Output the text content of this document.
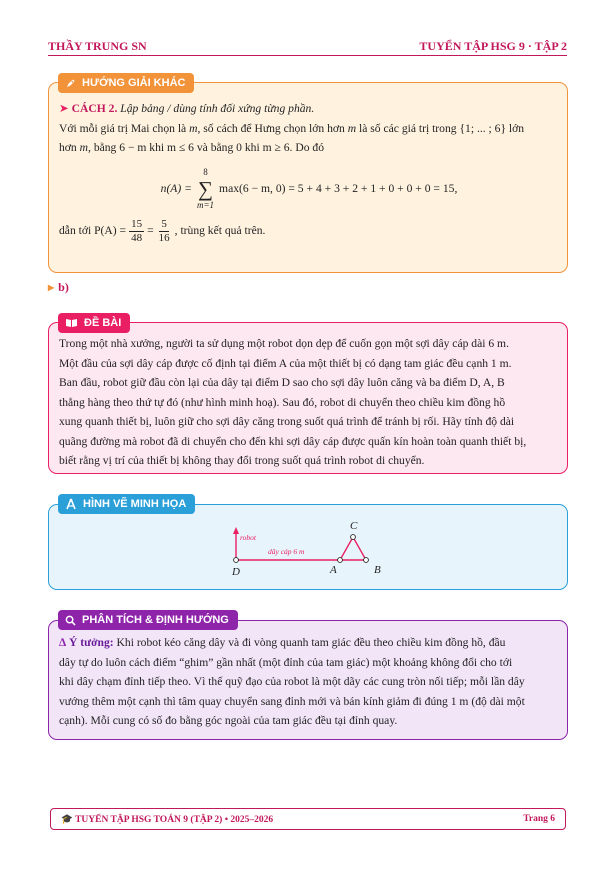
THẦY TRUNG SN	TUYỂN TẬP HSG 9 · TẬP 2
➤ CÁCH 2. Lập bảng / dùng tính đối xứng từng phần.
Với mỗi giá trị Mai chọn là m, số cách để Hưng chọn lớn hơn m là số các giá trị trong {1; ... ; 6} lớn
hơn m, bằng 6 − m khi m ≤ 6 và bằng 0 khi m ≥ 6. Do đó
n(A) =
8
∑
m=1
max(6 − m, 0) = 5 + 4 + 3 + 2 + 1 + 0 + 0 + 0 = 15,
dẫn tới $P(A) = \frac{15}{48} = \frac{5}{16}$ , trùng kết quả trên.
HƯỚNG GIẢI KHÁC
▶ b)
Trong một nhà xưởng, người ta sử dụng một robot dọn dẹp để cuốn gọn một sợi dây cáp dài 6 m.
Một đầu của sợi dây cáp được cố định tại điểm A của một thiết bị có dạng tam giác đều cạnh 1 m.
Ban đầu, robot giữ đầu còn lại của dây tại điểm D sao cho sợi dây luôn căng và ba điểm D, A, B
thẳng hàng theo thứ tự đó (như hình minh hoạ). Sau đó, robot di chuyển theo chiều kim đồng hồ
xung quanh thiết bị, luôn giữ cho sợi dây căng trong suốt quá trình để tránh bị rối. Hãy tính độ dài
quãng đường mà robot đã di chuyển cho đến khi sợi dây cáp được quấn kín hoàn toàn quanh thiết bị,
biết rằng vị trí của thiết bị không thay đổi trong suốt quá trình robot di chuyển.
ĐỀ BÀI
robot
dây cáp 6 m
D	A	B
C
HÌNH VẼ MINH HỌA
∆ Ý tưởng: Khi robot kéo căng dây và đi vòng quanh tam giác đều theo chiều kim đồng hồ, đầu
dây tự do luôn cách điểm “ghim” gần nhất (một đỉnh của tam giác) một khoảng không đổi cho tới
khi dây chạm đỉnh tiếp theo. Vì thế quỹ đạo của robot là một dãy các cung tròn nối tiếp; mỗi lần dây
vướng thêm một cạnh thì tâm quay chuyển sang đỉnh mới và bán kính giảm đi đúng 1 m (độ dài một
cạnh). Mỗi cung có số đo bằng góc ngoài của tam giác đều tại đỉnh quay.
PHÂN TÍCH & ĐỊNH HƯỚNG
🎓 TUYỂN TẬP HSG TOÁN 9 (TẬP 2) • 2025–2026	Trang 6
